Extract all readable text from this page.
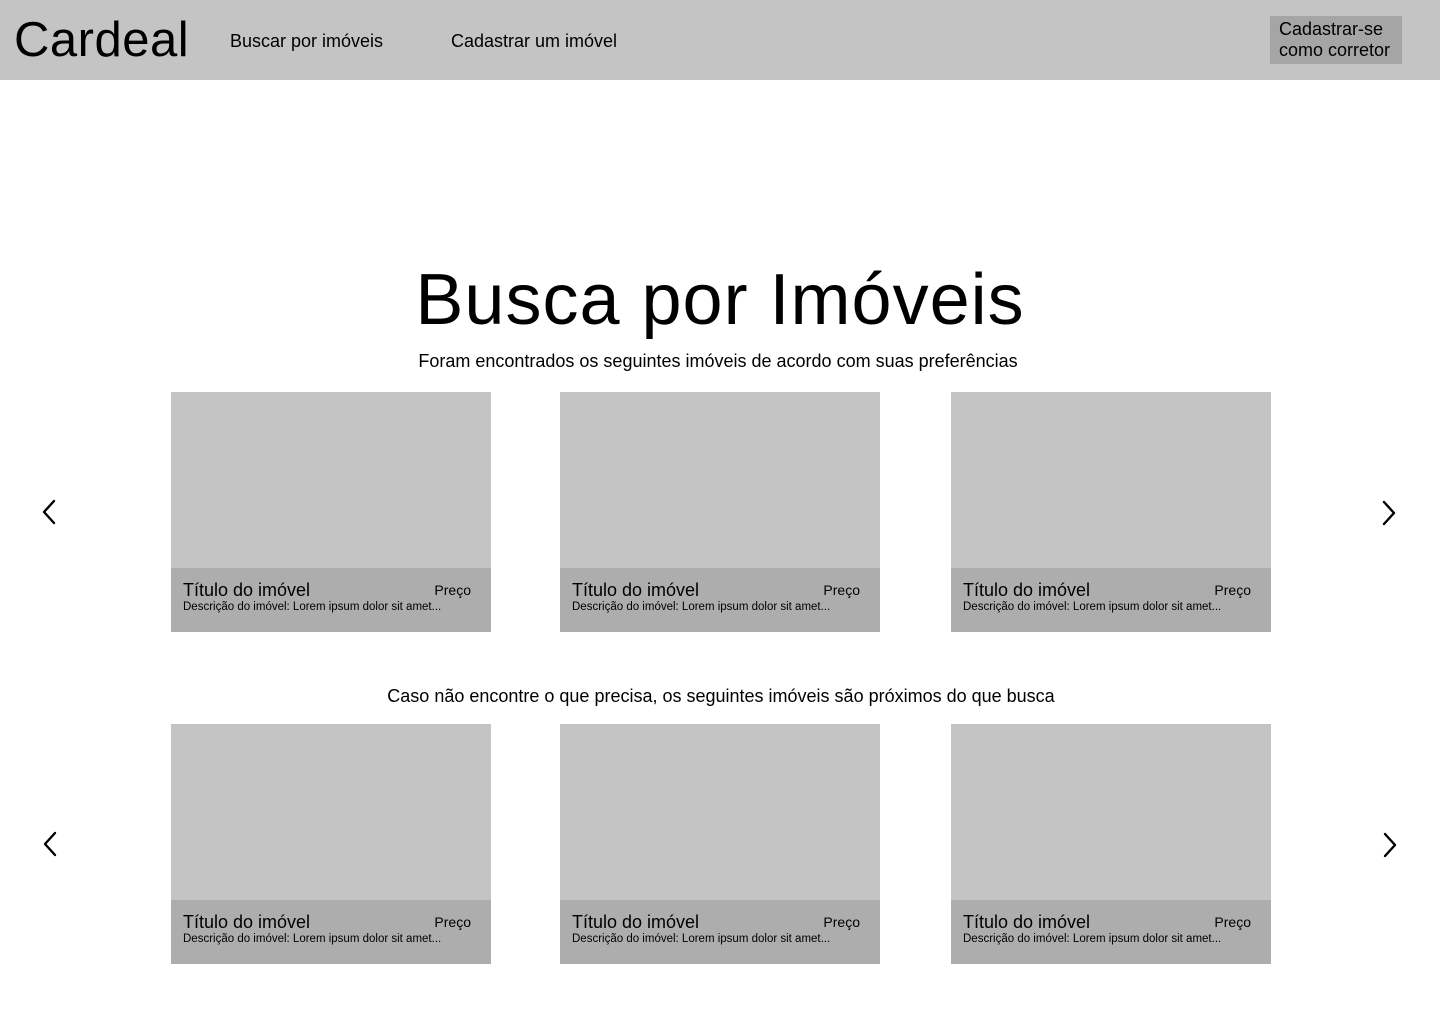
Cardeal Buscar por imóveis	Cadastrar um imóvel
Cadastrar-se
como corretor
Busca por Imóveis
Foram encontrados os seguintes imóveis de acordo com suas preferências
Título do imóvel	Preço
Descrição do imóvel: Lorem ipsum dolor sit amet...
Título do imóvel	Preço
Descrição do imóvel: Lorem ipsum dolor sit amet...
Título do imóvel	Preço
Descrição do imóvel: Lorem ipsum dolor sit amet...
Caso não encontre o que precisa, os seguintes imóveis são próximos do que busca
Título do imóvel	Preço
Descrição do imóvel: Lorem ipsum dolor sit amet...
Título do imóvel	Preço
Descrição do imóvel: Lorem ipsum dolor sit amet...
Título do imóvel	Preço
Descrição do imóvel: Lorem ipsum dolor sit amet...
